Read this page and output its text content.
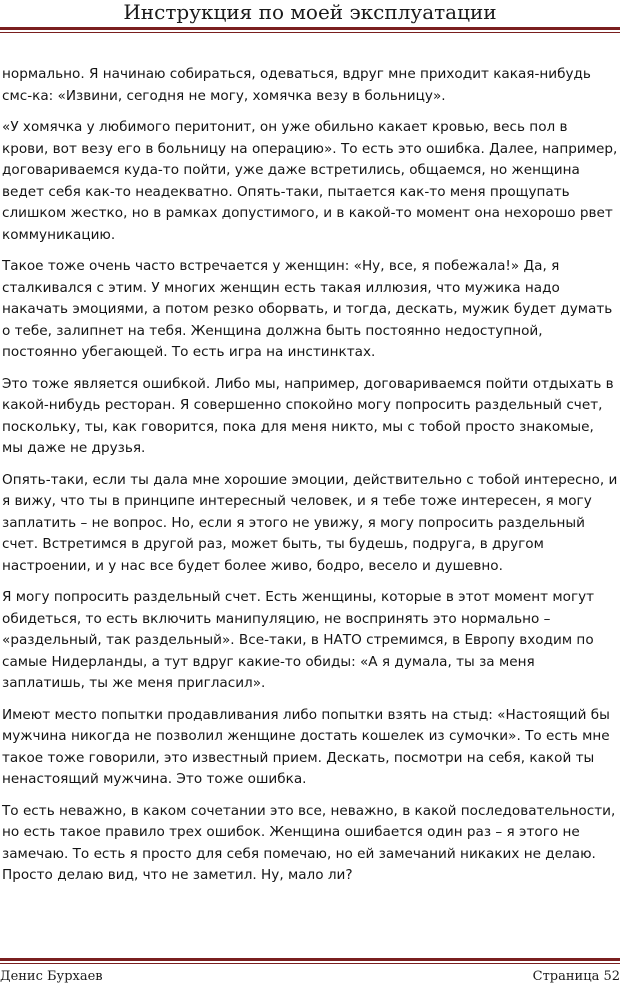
Инструкция по моей эксплуатации

нормально. Я начинаю собираться, одеваться, вдруг мне приходит какая-нибудь смс-ка: «Извини, сегодня не могу, хомячка везу в больницу».

«У хомячка у любимого перитонит, он уже обильно какает кровью, весь пол в крови, вот везу его в больницу на операцию». То есть это ошибка. Далее, например, договариваемся куда-то пойти, уже даже встретились, общаемся, но женщина ведет себя как-то неадекватно. Опять-таки, пытается как-то меня прощупать слишком жестко, но в рамках допустимого, и в какой-то момент она нехорошо рвет коммуникацию.

Такое тоже очень часто встречается у женщин: «Ну, все, я побежала!» Да, я сталкивался с этим. У многих женщин есть такая иллюзия, что мужика надо накачать эмоциями, а потом резко оборвать, и тогда, дескать, мужик будет думать о тебе, залипнет на тебя. Женщина должна быть постоянно недоступной, постоянно убегающей. То есть игра на инстинктах.

Это тоже является ошибкой. Либо мы, например, договариваемся пойти отдыхать в какой-нибудь ресторан. Я совершенно спокойно могу попросить раздельный счет, поскольку, ты, как говорится, пока для меня никто, мы с тобой просто знакомые, мы даже не друзья.

Опять-таки, если ты дала мне хорошие эмоции, действительно с тобой интересно, и я вижу, что ты в принципе интересный человек, и я тебе тоже интересен, я могу заплатить – не вопрос. Но, если я этого не увижу, я могу попросить раздельный счет. Встретимся в другой раз, может быть, ты будешь, подруга, в другом настроении, и у нас все будет более живо, бодро, весело и душевно.

Я могу попросить раздельный счет. Есть женщины, которые в этот момент могут обидеться, то есть включить манипуляцию, не воспринять это нормально – «раздельный, так раздельный». Все-таки, в НАТО стремимся, в Европу входим по самые Нидерланды, а тут вдруг какие-то обиды: «А я думала, ты за меня заплатишь, ты же меня пригласил».

Имеют место попытки продавливания либо попытки взять на стыд: «Настоящий бы мужчина никогда не позволил женщине достать кошелек из сумочки». То есть мне такое тоже говорили, это известный прием. Дескать, посмотри на себя, какой ты ненастоящий мужчина. Это тоже ошибка.

То есть неважно, в каком сочетании это все, неважно, в какой последовательности, но есть такое правило трех ошибок. Женщина ошибается один раз – я этого не замечаю. То есть я просто для себя помечаю, но ей замечаний никаких не делаю. Просто делаю вид, что не заметил. Ну, мало ли?

Денис Бурхаев	Страница 52
